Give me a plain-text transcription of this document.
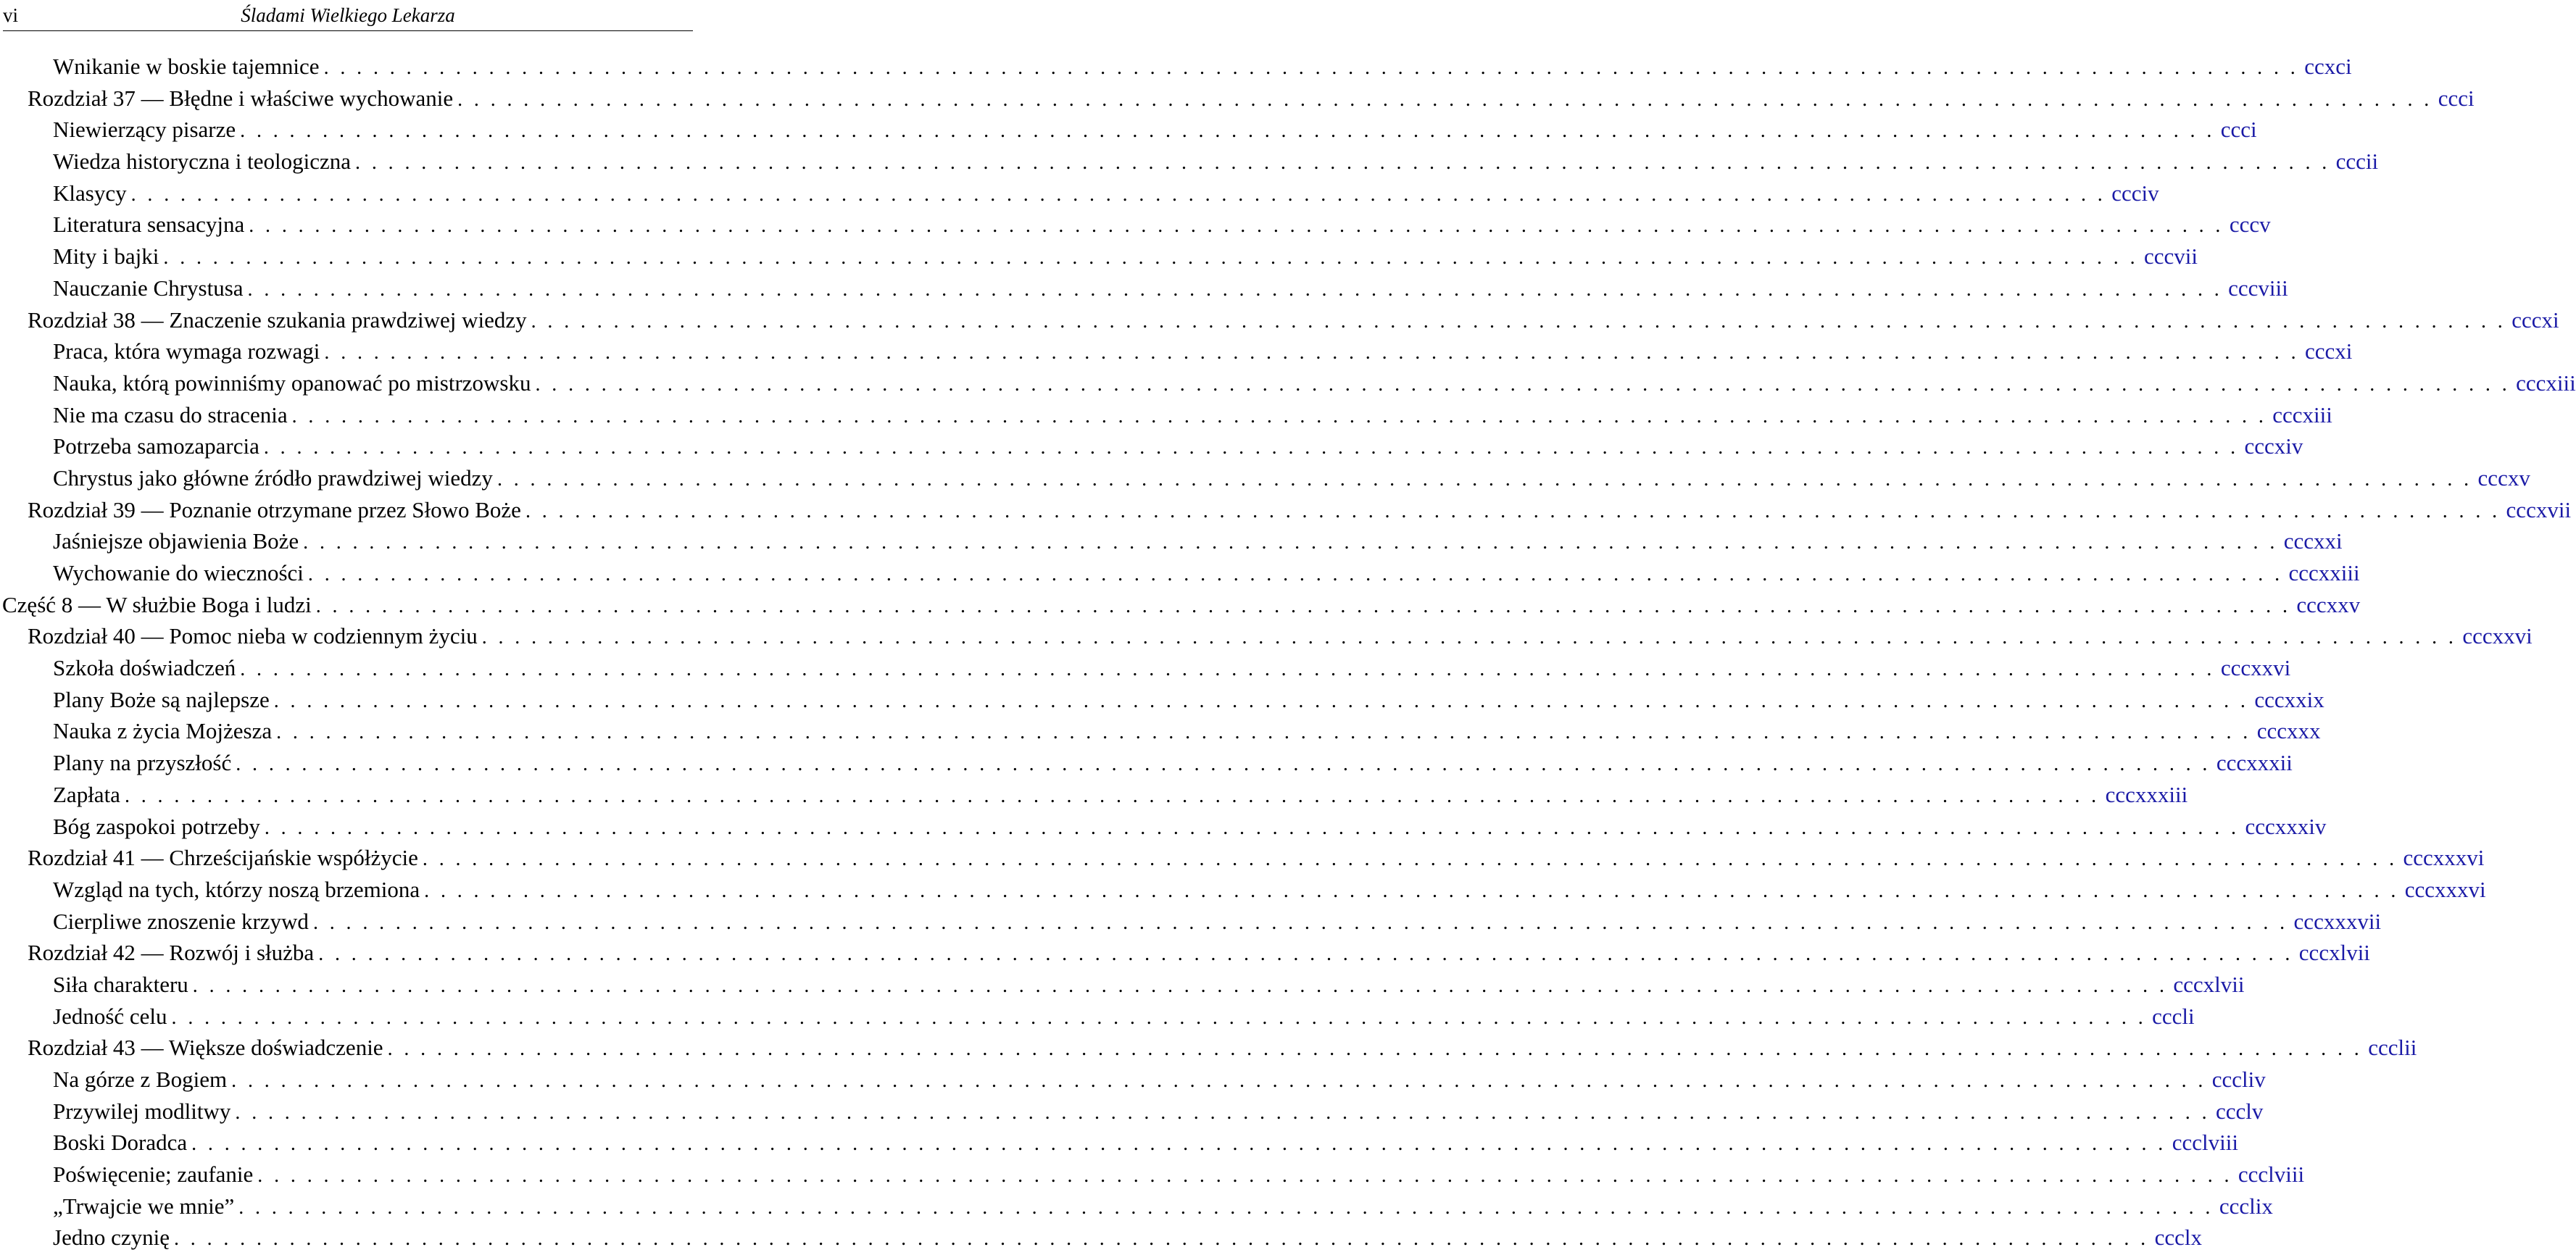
vi	Śladami Wielkiego Lekarza
Wnikanie w boskie tajemnice . . . . . . . . . . . . . . . . . . . . . . . . . . . . . . . . . . . . . . . . . . . . . . . . . . . . . . . . . . . . . . . . . . . . . . . . . . . . . . . . . . . . . . . . . . . . . . . . . . . . . . . . . . . . . . . . . . . . . . . . ccxci
Rozdział 37 — Błędne i właściwe wychowanie . . . . . . . . . . . . . . . . . . . . . . . . . . . . . . . . . . . . . . . . . . . . . . . . . . . . . . . . . . . . . . . . . . . . . . . . . . . . . . . . . . . . . . . . . . . . . . . . . . . . . . . . . . . . . . . . . . . . . . . . ccci
Niewierzący pisarze . . . . . . . . . . . . . . . . . . . . . . . . . . . . . . . . . . . . . . . . . . . . . . . . . . . . . . . . . . . . . . . . . . . . . . . . . . . . . . . . . . . . . . . . . . . . . . . . . . . . . . . . . . . . . . . . . . . . . . . . ccci
Wiedza historyczna i teologiczna . . . . . . . . . . . . . . . . . . . . . . . . . . . . . . . . . . . . . . . . . . . . . . . . . . . . . . . . . . . . . . . . . . . . . . . . . . . . . . . . . . . . . . . . . . . . . . . . . . . . . . . . . . . . . . . . . . . . . . . . cccii
Klasycy . . . . . . . . . . . . . . . . . . . . . . . . . . . . . . . . . . . . . . . . . . . . . . . . . . . . . . . . . . . . . . . . . . . . . . . . . . . . . . . . . . . . . . . . . . . . . . . . . . . . . . . . . . . . . . . . . . . . . . . . ccciv
Literatura sensacyjna . . . . . . . . . . . . . . . . . . . . . . . . . . . . . . . . . . . . . . . . . . . . . . . . . . . . . . . . . . . . . . . . . . . . . . . . . . . . . . . . . . . . . . . . . . . . . . . . . . . . . . . . . . . . . . . . . . . . . . . . cccv
Mity i bajki . . . . . . . . . . . . . . . . . . . . . . . . . . . . . . . . . . . . . . . . . . . . . . . . . . . . . . . . . . . . . . . . . . . . . . . . . . . . . . . . . . . . . . . . . . . . . . . . . . . . . . . . . . . . . . . . . . . . . . . . cccvii
Nauczanie Chrystusa . . . . . . . . . . . . . . . . . . . . . . . . . . . . . . . . . . . . . . . . . . . . . . . . . . . . . . . . . . . . . . . . . . . . . . . . . . . . . . . . . . . . . . . . . . . . . . . . . . . . . . . . . . . . . . . . . . . . . . . . cccviii
Rozdział 38 — Znaczenie szukania prawdziwej wiedzy . . . . . . . . . . . . . . . . . . . . . . . . . . . . . . . . . . . . . . . . . . . . . . . . . . . . . . . . . . . . . . . . . . . . . . . . . . . . . . . . . . . . . . . . . . . . . . . . . . . . . . . . . . . . . . . . . . . . . . . . cccxi
Praca, która wymaga rozwagi . . . . . . . . . . . . . . . . . . . . . . . . . . . . . . . . . . . . . . . . . . . . . . . . . . . . . . . . . . . . . . . . . . . . . . . . . . . . . . . . . . . . . . . . . . . . . . . . . . . . . . . . . . . . . . . . . . . . . . . . cccxi
Nauka, którą powinniśmy opanować po mistrzowsku . . . . . . . . . . . . . . . . . . . . . . . . . . . . . . . . . . . . . . . . . . . . . . . . . . . . . . . . . . . . . . . . . . . . . . . . . . . . . . . . . . . . . . . . . . . . . . . . . . . . . . . . . . . . . . . . . . . . . . . . cccxiii
Nie ma czasu do stracenia . . . . . . . . . . . . . . . . . . . . . . . . . . . . . . . . . . . . . . . . . . . . . . . . . . . . . . . . . . . . . . . . . . . . . . . . . . . . . . . . . . . . . . . . . . . . . . . . . . . . . . . . . . . . . . . . . . . . . . . . cccxiii
Potrzeba samozaparcia . . . . . . . . . . . . . . . . . . . . . . . . . . . . . . . . . . . . . . . . . . . . . . . . . . . . . . . . . . . . . . . . . . . . . . . . . . . . . . . . . . . . . . . . . . . . . . . . . . . . . . . . . . . . . . . . . . . . . . . . cccxiv
Chrystus jako główne źródło prawdziwej wiedzy . . . . . . . . . . . . . . . . . . . . . . . . . . . . . . . . . . . . . . . . . . . . . . . . . . . . . . . . . . . . . . . . . . . . . . . . . . . . . . . . . . . . . . . . . . . . . . . . . . . . . . . . . . . . . . . . . . . . . . . . cccxv
Rozdział 39 — Poznanie otrzymane przez Słowo Boże . . . . . . . . . . . . . . . . . . . . . . . . . . . . . . . . . . . . . . . . . . . . . . . . . . . . . . . . . . . . . . . . . . . . . . . . . . . . . . . . . . . . . . . . . . . . . . . . . . . . . . . . . . . . . . . . . . . . . . . . cccxvii
Jaśniejsze objawienia Boże . . . . . . . . . . . . . . . . . . . . . . . . . . . . . . . . . . . . . . . . . . . . . . . . . . . . . . . . . . . . . . . . . . . . . . . . . . . . . . . . . . . . . . . . . . . . . . . . . . . . . . . . . . . . . . . . . . . . . . . . cccxxi
Wychowanie do wieczności . . . . . . . . . . . . . . . . . . . . . . . . . . . . . . . . . . . . . . . . . . . . . . . . . . . . . . . . . . . . . . . . . . . . . . . . . . . . . . . . . . . . . . . . . . . . . . . . . . . . . . . . . . . . . . . . . . . . . . . . cccxxiii
Część 8 — W służbie Boga i ludzi . . . . . . . . . . . . . . . . . . . . . . . . . . . . . . . . . . . . . . . . . . . . . . . . . . . . . . . . . . . . . . . . . . . . . . . . . . . . . . . . . . . . . . . . . . . . . . . . . . . . . . . . . . . . . . . . . . . . . . . . cccxxv
Rozdział 40 — Pomoc nieba w codziennym życiu . . . . . . . . . . . . . . . . . . . . . . . . . . . . . . . . . . . . . . . . . . . . . . . . . . . . . . . . . . . . . . . . . . . . . . . . . . . . . . . . . . . . . . . . . . . . . . . . . . . . . . . . . . . . . . . . . . . . . . . . cccxxvi
Szkoła doświadczeń . . . . . . . . . . . . . . . . . . . . . . . . . . . . . . . . . . . . . . . . . . . . . . . . . . . . . . . . . . . . . . . . . . . . . . . . . . . . . . . . . . . . . . . . . . . . . . . . . . . . . . . . . . . . . . . . . . . . . . . . cccxxvi
Plany Boże są najlepsze . . . . . . . . . . . . . . . . . . . . . . . . . . . . . . . . . . . . . . . . . . . . . . . . . . . . . . . . . . . . . . . . . . . . . . . . . . . . . . . . . . . . . . . . . . . . . . . . . . . . . . . . . . . . . . . . . . . . . . . . cccxxix
Nauka z życia Mojżesza . . . . . . . . . . . . . . . . . . . . . . . . . . . . . . . . . . . . . . . . . . . . . . . . . . . . . . . . . . . . . . . . . . . . . . . . . . . . . . . . . . . . . . . . . . . . . . . . . . . . . . . . . . . . . . . . . . . . . . . . cccxxx
Plany na przyszłość . . . . . . . . . . . . . . . . . . . . . . . . . . . . . . . . . . . . . . . . . . . . . . . . . . . . . . . . . . . . . . . . . . . . . . . . . . . . . . . . . . . . . . . . . . . . . . . . . . . . . . . . . . . . . . . . . . . . . . . . cccxxxii
Zapłata . . . . . . . . . . . . . . . . . . . . . . . . . . . . . . . . . . . . . . . . . . . . . . . . . . . . . . . . . . . . . . . . . . . . . . . . . . . . . . . . . . . . . . . . . . . . . . . . . . . . . . . . . . . . . . . . . . . . . . . . cccxxxiii
Bóg zaspokoi potrzeby . . . . . . . . . . . . . . . . . . . . . . . . . . . . . . . . . . . . . . . . . . . . . . . . . . . . . . . . . . . . . . . . . . . . . . . . . . . . . . . . . . . . . . . . . . . . . . . . . . . . . . . . . . . . . . . . . . . . . . . . cccxxxiv
Rozdział 41 — Chrześcijańskie współżycie . . . . . . . . . . . . . . . . . . . . . . . . . . . . . . . . . . . . . . . . . . . . . . . . . . . . . . . . . . . . . . . . . . . . . . . . . . . . . . . . . . . . . . . . . . . . . . . . . . . . . . . . . . . . . . . . . . . . . . . . cccxxxvi
Wzgląd na tych, którzy noszą brzemiona . . . . . . . . . . . . . . . . . . . . . . . . . . . . . . . . . . . . . . . . . . . . . . . . . . . . . . . . . . . . . . . . . . . . . . . . . . . . . . . . . . . . . . . . . . . . . . . . . . . . . . . . . . . . . . . . . . . . . . . . cccxxxvi
Cierpliwe znoszenie krzywd . . . . . . . . . . . . . . . . . . . . . . . . . . . . . . . . . . . . . . . . . . . . . . . . . . . . . . . . . . . . . . . . . . . . . . . . . . . . . . . . . . . . . . . . . . . . . . . . . . . . . . . . . . . . . . . . . . . . . . . . cccxxxvii
Rozdział 42 — Rozwój i służba . . . . . . . . . . . . . . . . . . . . . . . . . . . . . . . . . . . . . . . . . . . . . . . . . . . . . . . . . . . . . . . . . . . . . . . . . . . . . . . . . . . . . . . . . . . . . . . . . . . . . . . . . . . . . . . . . . . . . . . . cccxlvii
Siła charakteru . . . . . . . . . . . . . . . . . . . . . . . . . . . . . . . . . . . . . . . . . . . . . . . . . . . . . . . . . . . . . . . . . . . . . . . . . . . . . . . . . . . . . . . . . . . . . . . . . . . . . . . . . . . . . . . . . . . . . . . . cccxlvii
Jedność celu . . . . . . . . . . . . . . . . . . . . . . . . . . . . . . . . . . . . . . . . . . . . . . . . . . . . . . . . . . . . . . . . . . . . . . . . . . . . . . . . . . . . . . . . . . . . . . . . . . . . . . . . . . . . . . . . . . . . . . . . cccli
Rozdział 43 — Większe doświadczenie . . . . . . . . . . . . . . . . . . . . . . . . . . . . . . . . . . . . . . . . . . . . . . . . . . . . . . . . . . . . . . . . . . . . . . . . . . . . . . . . . . . . . . . . . . . . . . . . . . . . . . . . . . . . . . . . . . . . . . . . ccclii
Na górze z Bogiem . . . . . . . . . . . . . . . . . . . . . . . . . . . . . . . . . . . . . . . . . . . . . . . . . . . . . . . . . . . . . . . . . . . . . . . . . . . . . . . . . . . . . . . . . . . . . . . . . . . . . . . . . . . . . . . . . . . . . . . . cccliv
Przywilej modlitwy . . . . . . . . . . . . . . . . . . . . . . . . . . . . . . . . . . . . . . . . . . . . . . . . . . . . . . . . . . . . . . . . . . . . . . . . . . . . . . . . . . . . . . . . . . . . . . . . . . . . . . . . . . . . . . . . . . . . . . . . ccclv
Boski Doradca . . . . . . . . . . . . . . . . . . . . . . . . . . . . . . . . . . . . . . . . . . . . . . . . . . . . . . . . . . . . . . . . . . . . . . . . . . . . . . . . . . . . . . . . . . . . . . . . . . . . . . . . . . . . . . . . . . . . . . . . ccclviii
Poświęcenie; zaufanie . . . . . . . . . . . . . . . . . . . . . . . . . . . . . . . . . . . . . . . . . . . . . . . . . . . . . . . . . . . . . . . . . . . . . . . . . . . . . . . . . . . . . . . . . . . . . . . . . . . . . . . . . . . . . . . . . . . . . . . . ccclviii
„Trwajcie we mnie” . . . . . . . . . . . . . . . . . . . . . . . . . . . . . . . . . . . . . . . . . . . . . . . . . . . . . . . . . . . . . . . . . . . . . . . . . . . . . . . . . . . . . . . . . . . . . . . . . . . . . . . . . . . . . . . . . . . . . . . . ccclix
Jedno czynię . . . . . . . . . . . . . . . . . . . . . . . . . . . . . . . . . . . . . . . . . . . . . . . . . . . . . . . . . . . . . . . . . . . . . . . . . . . . . . . . . . . . . . . . . . . . . . . . . . . . . . . . . . . . . . . . . . . . . . . . ccclx
